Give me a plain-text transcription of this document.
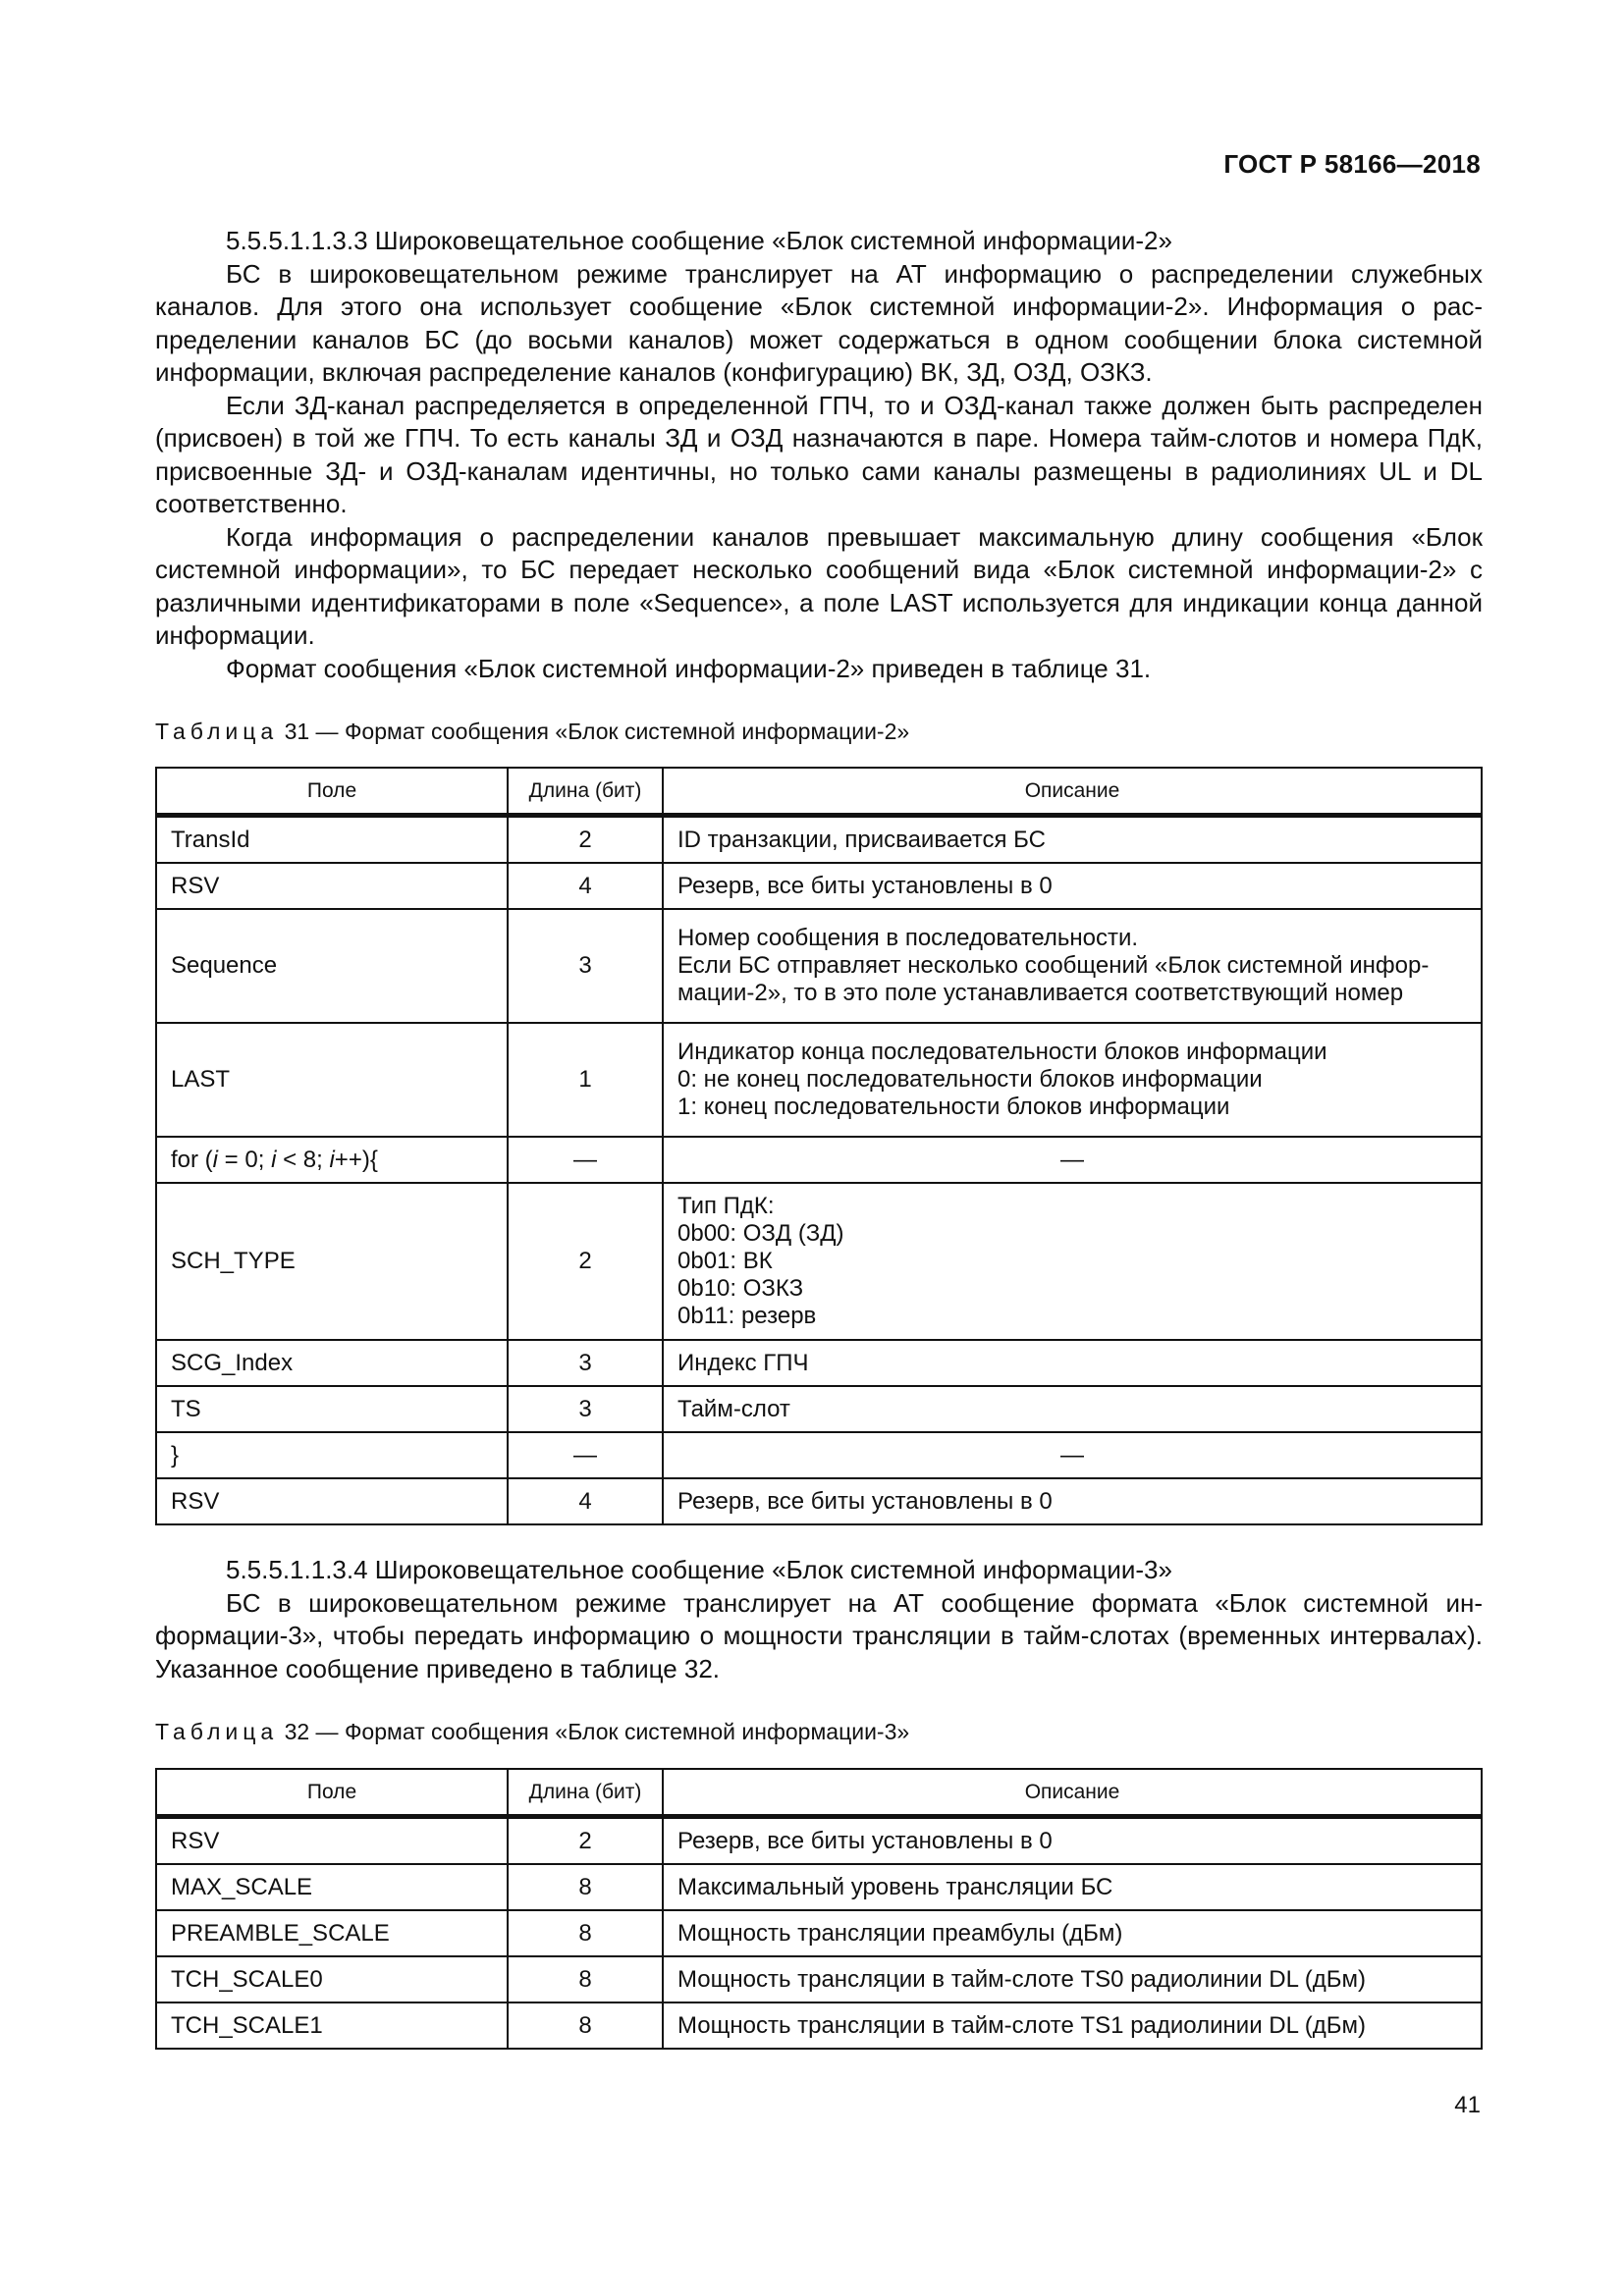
ГОСТ Р 58166—2018

5.5.5.1.1.3.3 Широковещательное сообщение «Блок системной информации-2»

БС в широковещательном режиме транслирует на АТ информацию о распределении служебных каналов. Для этого она использует сообщение «Блок системной информации-2». Информация о распределении каналов БС (до восьми каналов) может содержаться в одном сообщении блока системной информации, включая распределение каналов (конфигурацию) ВК, ЗД, ОЗД, ОЗКЗ.

Если ЗД-канал распределяется в определенной ГПЧ, то и ОЗД-канал также должен быть распределен (присвоен) в той же ГПЧ. То есть каналы ЗД и ОЗД назначаются в паре. Номера тайм-слотов и номера ПдК, присвоенные ЗД- и ОЗД-каналам идентичны, но только сами каналы размещены в радиолиниях UL и DL соответственно.

Когда информация о распределении каналов превышает максимальную длину сообщения «Блок системной информации», то БС передает несколько сообщений вида «Блок системной информации-2» с различными идентификаторами в поле «Sequence», а поле LAST используется для индикации конца данной информации.

Формат сообщения «Блок системной информации-2» приведен в таблице 31.

Таблица 31 — Формат сообщения «Блок системной информации-2»
Поле	Длина (бит)	Описание
TransId	2	ID транзакции, присваивается БС
RSV	4	Резерв, все биты установлены в 0
Sequence	3	Номер сообщения в последовательности.
Если БС отправляет несколько сообщений «Блок системной инфор-
мации-2», то в это поле устанавливается соответствующий номер

LAST	1	Индикатор конца последовательности блоков информации
0: не конец последовательности блоков информации
1: конец последовательности блоков информации

for (i = 0; i < 8; i++){	—	—
SCH_TYPE	2	Тип ПдК:
0b00: ОЗД (ЗД)
0b01: ВК
0b10: ОЗКЗ
0b11: резерв

SCG_Index	3	Индекс ГПЧ
TS	3	Тайм-слот
}	—	—
RSV	4	Резерв, все биты установлены в 0

5.5.5.1.1.3.4 Широковещательное сообщение «Блок системной информации-3»

БС в широковещательном режиме транслирует на АТ сообщение формата «Блок системной информации-3», чтобы передать информацию о мощности трансляции в тайм-слотах (временных интервалах). Указанное сообщение приведено в таблице 32.

Таблица 32 — Формат сообщения «Блок системной информации-3»
Поле	Длина (бит)	Описание
RSV	2	Резерв, все биты установлены в 0
MAX_SCALE	8	Максимальный уровень трансляции БС
PREAMBLE_SCALE	8	Мощность трансляции преамбулы (дБм)
TCH_SCALE0	8	Мощность трансляции в тайм-слоте TS0 радиолинии DL (дБм)
TCH_SCALE1	8	Мощность трансляции в тайм-слоте TS1 радиолинии DL (дБм)
41
